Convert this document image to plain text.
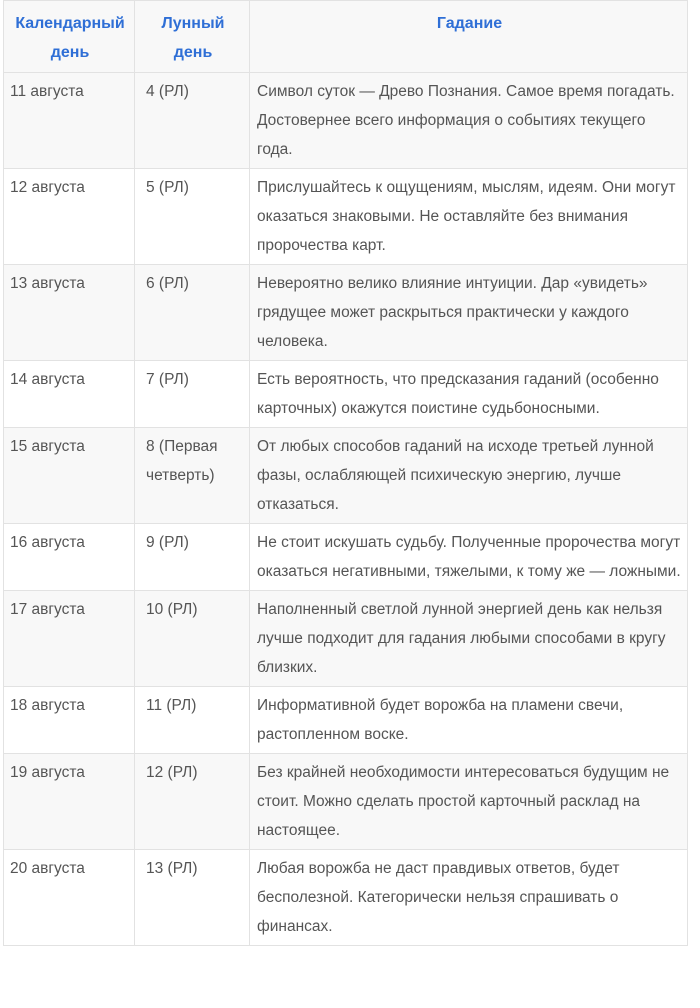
Календарный день	Лунный день	Гадание
11 августа	4 (РЛ)	Символ суток — Древо Познания. Самое время погадать. Достовернее всего информация о событиях текущего года.
12 августа	5 (РЛ)	Прислушайтесь к ощущениям, мыслям, идеям. Они могут оказаться знаковыми. Не оставляйте без внимания пророчества карт.
13 августа	6 (РЛ)	Невероятно велико влияние интуиции. Дар «увидеть» грядущее может раскрыться практически у каждого человека.
14 августа	7 (РЛ)	Есть вероятность, что предсказания гаданий (особенно карточных) окажутся поистине судьбоносными.
15 августа	8 (Первая четверть)	От любых способов гаданий на исходе третьей лунной фазы, ослабляющей психическую энергию, лучше отказаться.
16 августа	9 (РЛ)	Не стоит искушать судьбу. Полученные пророчества могут оказаться негативными, тяжелыми, к тому же — ложными.
17 августа	10 (РЛ)	Наполненный светлой лунной энергией день как нельзя лучше подходит для гадания любыми способами в кругу близких.
18 августа	11 (РЛ)	Информативной будет ворожба на пламени свечи, растопленном воске.
19 августа	12 (РЛ)	Без крайней необходимости интересоваться будущим не стоит. Можно сделать простой карточный расклад на настоящее.
20 августа	13 (РЛ)	Любая ворожба не даст правдивых ответов, будет бесполезной. Категорически нельзя спрашивать о финансах.
